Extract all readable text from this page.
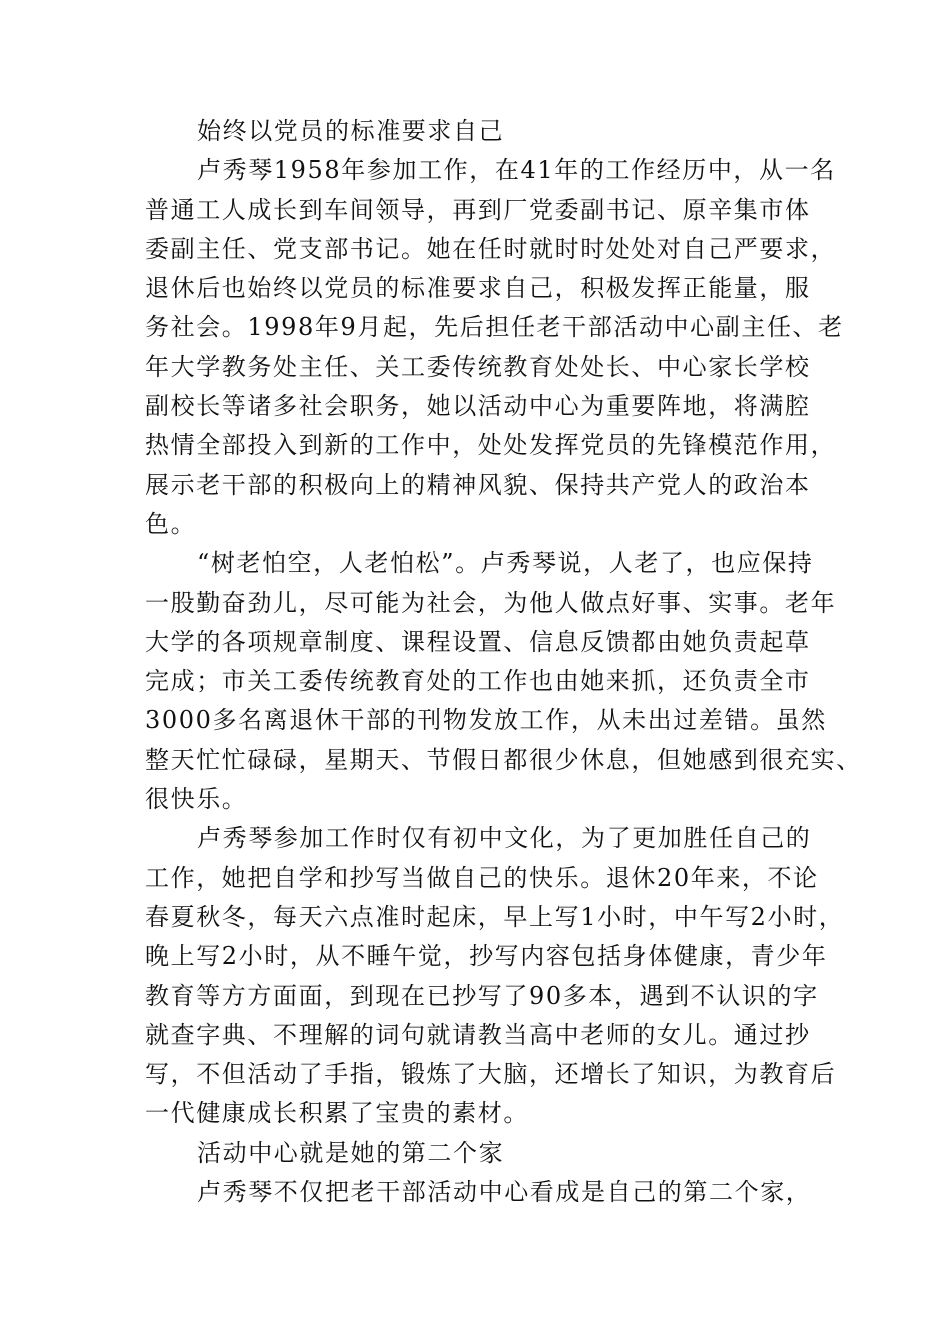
始终以党员的标准要求自己
卢秀琴1958年参加工作，在41年的工作经历中，从一名
普通工人成长到车间领导，再到厂党委副书记、原辛集市体
委副主任、党支部书记。她在任时就时时处处对自己严要求，
退休后也始终以党员的标准要求自己，积极发挥正能量，服
务社会。1998年9月起，先后担任老干部活动中心副主任、老
年大学教务处主任、关工委传统教育处处长、中心家长学校
副校长等诸多社会职务，她以活动中心为重要阵地，将满腔
热情全部投入到新的工作中，处处发挥党员的先锋模范作用，
展示老干部的积极向上的精神风貌、保持共产党人的政治本
色。
“树老怕空，人老怕松”。卢秀琴说，人老了，也应保持
一股勤奋劲儿，尽可能为社会，为他人做点好事、实事。老年
大学的各项规章制度、课程设置、信息反馈都由她负责起草
完成；市关工委传统教育处的工作也由她来抓，还负责全市
3000多名离退休干部的刊物发放工作，从未出过差错。虽然
整天忙忙碌碌，星期天、节假日都很少休息，但她感到很充实、
很快乐。
卢秀琴参加工作时仅有初中文化，为了更加胜任自己的
工作，她把自学和抄写当做自己的快乐。退休20年来，不论
春夏秋冬，每天六点准时起床，早上写1小时，中午写2小时，
晚上写2小时，从不睡午觉，抄写内容包括身体健康，青少年
教育等方方面面，到现在已抄写了90多本，遇到不认识的字
就查字典、不理解的词句就请教当高中老师的女儿。通过抄
写，不但活动了手指，锻炼了大脑，还增长了知识，为教育后
一代健康成长积累了宝贵的素材。
活动中心就是她的第二个家
卢秀琴不仅把老干部活动中心看成是自己的第二个家，
